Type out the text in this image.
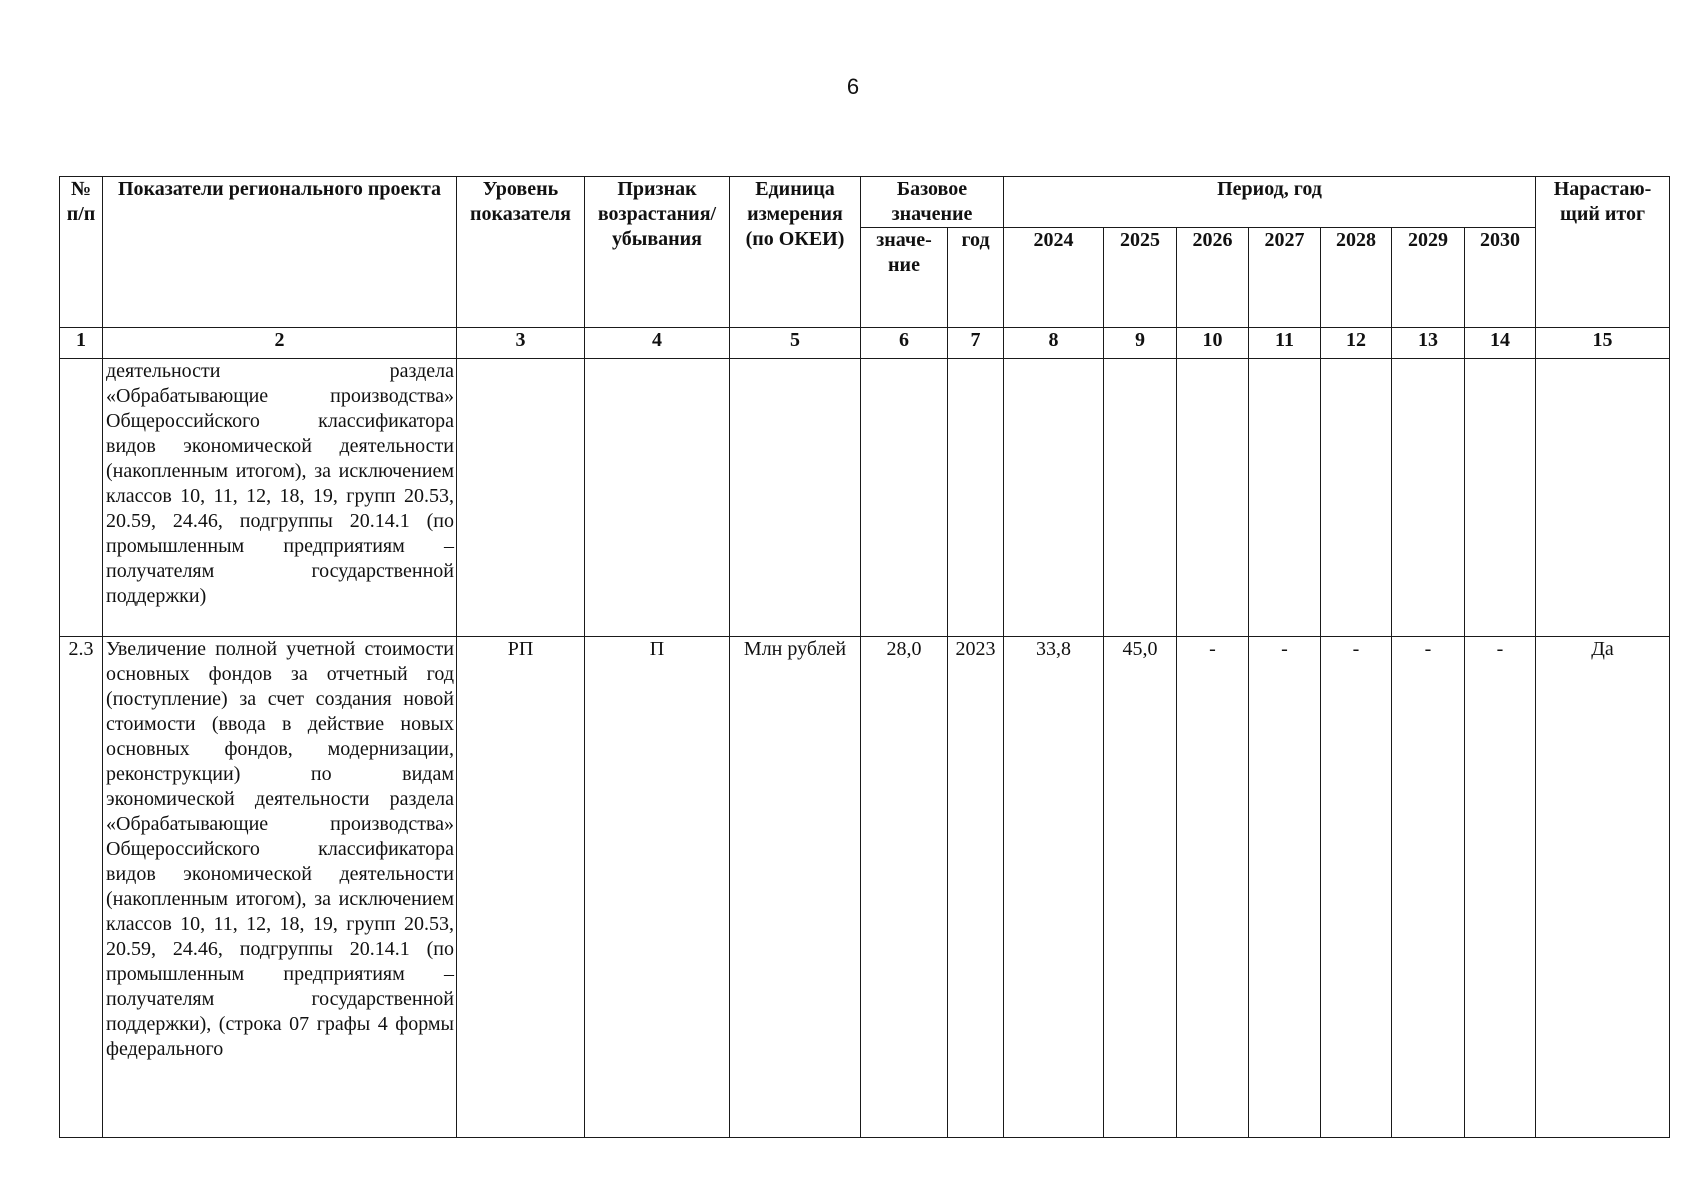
6
№ п/п	Показатели регионального проекта	Уровень показателя	Признак возрастания/ убывания	Единица измерения (по ОКЕИ)	Базовое значение		Период, год							Нарастаю- щий итог
					значе- ние	год	2024	2025	2026	2027	2028	2029	2030	
1	2	3	4	5	6	7	8	9	10	11	12	13	14	15
	деятельности раздела «Обрабатывающие производства» Общероссийского классификатора видов экономической деятельности (накопленным итогом), за исключением классов 10, 11, 12, 18, 19, групп 20.53, 20.59, 24.46, подгруппы 20.14.1 (по промышленным предприятиям – получателям государственной поддержки)													
2.3	Увеличение полной учетной стоимости основных фондов за отчетный год (поступление) за счет создания новой стоимости (ввода в действие новых основных фондов, модернизации, реконструкции) по видам экономической деятельности раздела «Обрабатывающие производства» Общероссийского классификатора видов экономической деятельности (накопленным итогом), за исключением классов 10, 11, 12, 18, 19, групп 20.53, 20.59, 24.46, подгруппы 20.14.1 (по промышленным предприятиям – получателям государственной поддержки), (строка 07 графы 4 формы федерального	РП	П	Млн рублей	28,0	2023	33,8	45,0	-	-	-	-	-	Да
